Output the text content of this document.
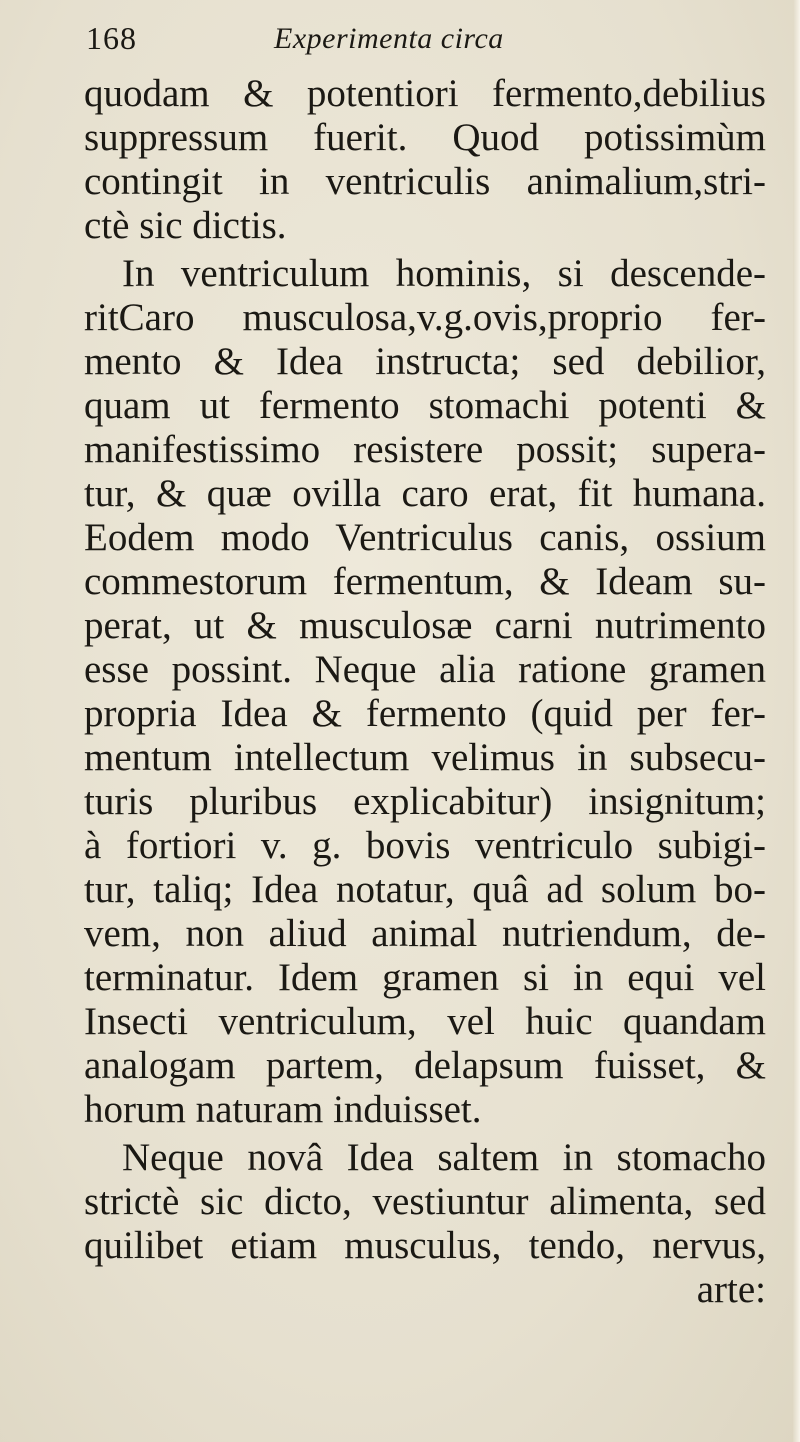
168	Experimenta circa
quodam & potentiori fermento,debilius
suppressum fuerit. Quod potissimùm
contingit in ventriculis animalium,stri-
ctè sic dictis.
In ventriculum hominis, si descende-
ritCaro musculosa,v.g.ovis,proprio fer-
mento & Idea instructa; sed debilior,
quam ut fermento stomachi potenti &
manifestissimo resistere possit; supera-
tur, & quæ ovilla caro erat, fit humana.
Eodem modo Ventriculus canis, ossium
commestorum fermentum, & Ideam su-
perat, ut & musculosæ carni nutrimento
esse possint. Neque alia ratione gramen
propria Idea & fermento (quid per fer-
mentum intellectum velimus in subsecu-
turis pluribus explicabitur) insignitum;
à fortiori v. g. bovis ventriculo subigi-
tur, taliq; Idea notatur, quâ ad solum bo-
vem, non aliud animal nutriendum, de-
terminatur. Idem gramen si in equi vel
Insecti ventriculum, vel huic quandam
analogam partem, delapsum fuisset, &
horum naturam induisset.
Neque novâ Idea saltem in stomacho
strictè sic dicto, vestiuntur alimenta, sed
quilibet etiam musculus, tendo, nervus,
arte:
